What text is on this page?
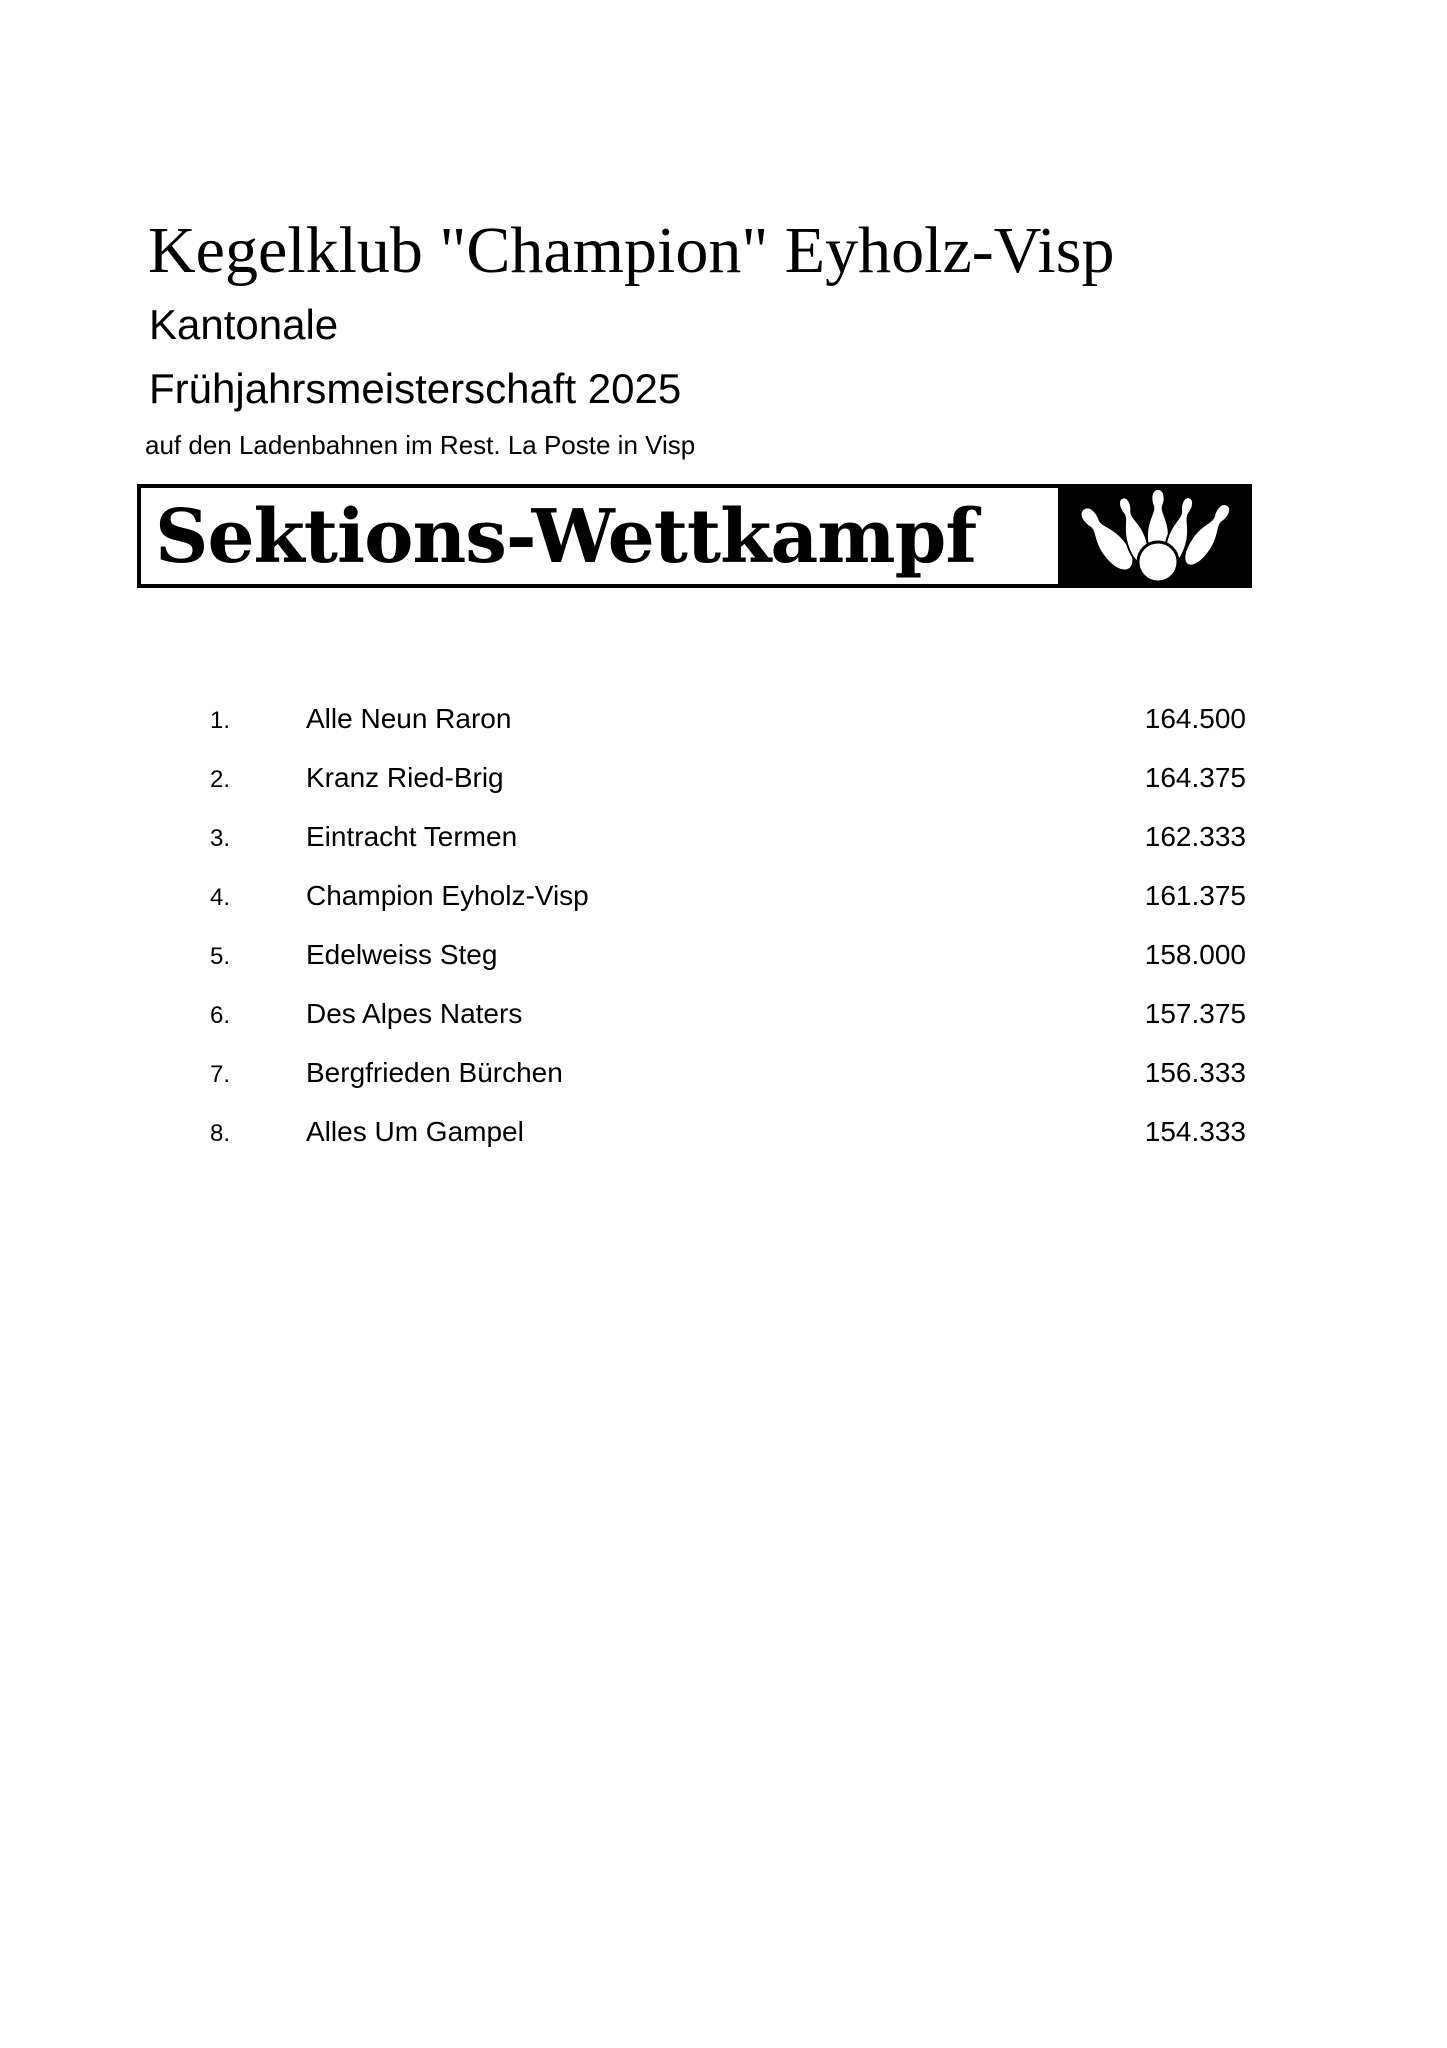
Kegelklub "Champion" Eyholz-Visp
Kantonale
Frühjahrsmeisterschaft 2025
auf den Ladenbahnen im Rest. La Poste in Visp
Sektions-Wettkampf
1.	Alle Neun Raron	164.500
2.	Kranz Ried-Brig	164.375
3.	Eintracht Termen	162.333
4.	Champion Eyholz-Visp	161.375
5.	Edelweiss Steg	158.000
6.	Des Alpes Naters	157.375
7.	Bergfrieden Bürchen	156.333
8.	Alles Um Gampel	154.333
